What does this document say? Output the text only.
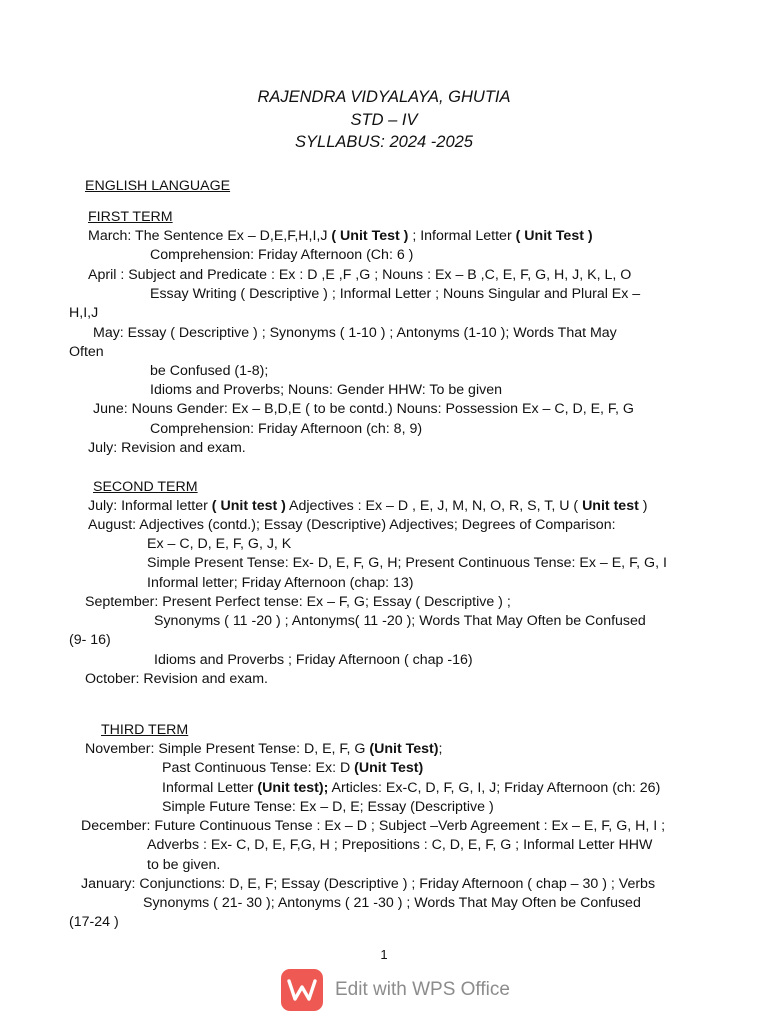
RAJENDRA VIDYALAYA, GHUTIA
STD – IV
SYLLABUS: 2024 -2025
ENGLISH LANGUAGE
FIRST TERM
March: The Sentence Ex – D,E,F,H,I,J ( Unit Test ) ; Informal Letter ( Unit Test )
Comprehension: Friday Afternoon (Ch: 6 )
April : Subject and Predicate : Ex : D ,E ,F ,G ; Nouns : Ex – B ,C, E, F, G, H, J, K, L, O
Essay Writing ( Descriptive ) ; Informal Letter ; Nouns Singular and Plural Ex –
H,I,J
May: Essay ( Descriptive ) ; Synonyms ( 1-10 ) ; Antonyms (1-10 ); Words That May
Often
be Confused (1-8);
Idioms and Proverbs; Nouns: Gender HHW: To be given
June: Nouns Gender: Ex – B,D,E ( to be contd.) Nouns: Possession Ex – C, D, E, F, G
Comprehension: Friday Afternoon (ch: 8, 9)
July: Revision and exam.
SECOND TERM
July: Informal letter ( Unit test ) Adjectives : Ex – D , E, J, M, N, O, R, S, T, U ( Unit test )
August: Adjectives (contd.); Essay (Descriptive) Adjectives; Degrees of Comparison:
Ex – C, D, E, F, G, J, K
Simple Present Tense: Ex- D, E, F, G, H; Present Continuous Tense: Ex – E, F, G, I
Informal letter; Friday Afternoon (chap: 13)
September: Present Perfect tense: Ex – F, G; Essay ( Descriptive ) ;
Synonyms ( 11 -20 ) ; Antonyms( 11 -20 ); Words That May Often be Confused
(9- 16)
Idioms and Proverbs ; Friday Afternoon ( chap -16)
October: Revision and exam.
THIRD TERM
November: Simple Present Tense: D, E, F, G (Unit Test);
Past Continuous Tense: Ex: D (Unit Test)
Informal Letter (Unit test); Articles: Ex-C, D, F, G, I, J; Friday Afternoon (ch: 26)
Simple Future Tense: Ex – D, E; Essay (Descriptive )
December: Future Continuous Tense : Ex – D ; Subject –Verb Agreement : Ex – E, F, G, H, I ;
Adverbs : Ex- C, D, E, F,G, H ; Prepositions : C, D, E, F, G ; Informal Letter HHW
to be given.
January: Conjunctions: D, E, F; Essay (Descriptive ) ; Friday Afternoon ( chap – 30 ) ; Verbs
Synonyms ( 21- 30 ); Antonyms ( 21 -30 ) ; Words That May Often be Confused
(17-24 )
1
Edit with WPS Office
